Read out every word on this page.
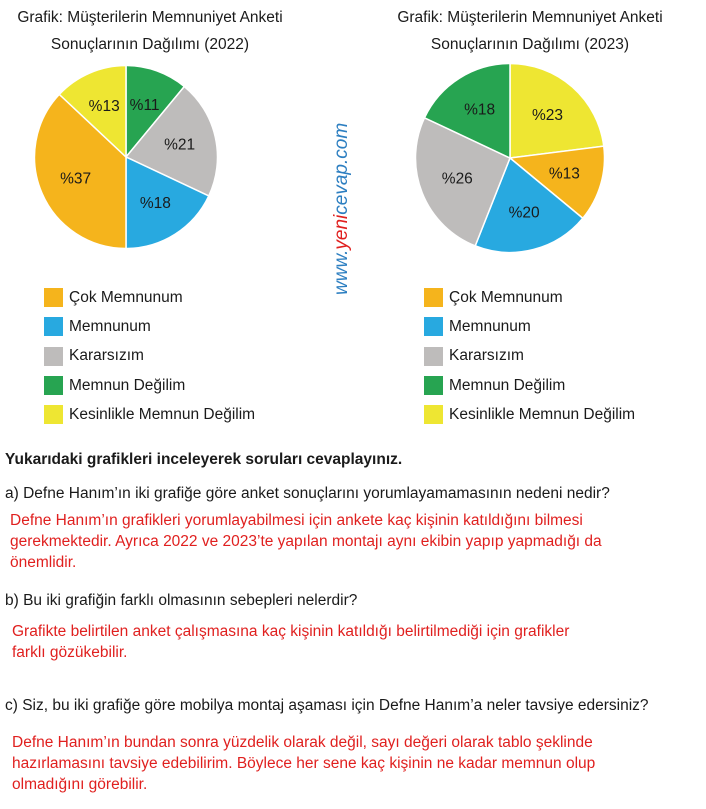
Grafik: Müşterilerin Memnuniyet Anketi
Sonuçlarının Dağılımı (2022)
Grafik: Müşterilerin Memnuniyet Anketi
Sonuçlarının Dağılımı (2023)
%11
%21
%18
%37
%13
%23
%13
%20
%26
%18
www.yenicevap.com
Çok Memnunum
Memnunum
Kararsızım
Memnun Değilim
Kesinlikle Memnun Değilim
Çok Memnunum
Memnunum
Kararsızım
Memnun Değilim
Kesinlikle Memnun Değilim
Yukarıdaki grafikleri inceleyerek soruları cevaplayınız.
a) Defne Hanım’ın iki grafiğe göre anket sonuçlarını yorumlayamamasının nedeni nedir?
Defne Hanım’ın grafikleri yorumlayabilmesi için ankete kaç kişinin katıldığını bilmesi
gerekmektedir. Ayrıca 2022 ve 2023’te yapılan montajı aynı ekibin yapıp yapmadığı da
önemlidir.
b) Bu iki grafiğin farklı olmasının sebepleri nelerdir?
Grafikte belirtilen anket çalışmasına kaç kişinin katıldığı belirtilmediği için grafikler
farklı gözükebilir.
c) Siz, bu iki grafiğe göre mobilya montaj aşaması için Defne Hanım’a neler tavsiye edersiniz?
Defne Hanım’ın bundan sonra yüzdelik olarak değil, sayı değeri olarak tablo şeklinde
hazırlamasını tavsiye edebilirim. Böylece her sene kaç kişinin ne kadar memnun olup
olmadığını görebilir.
